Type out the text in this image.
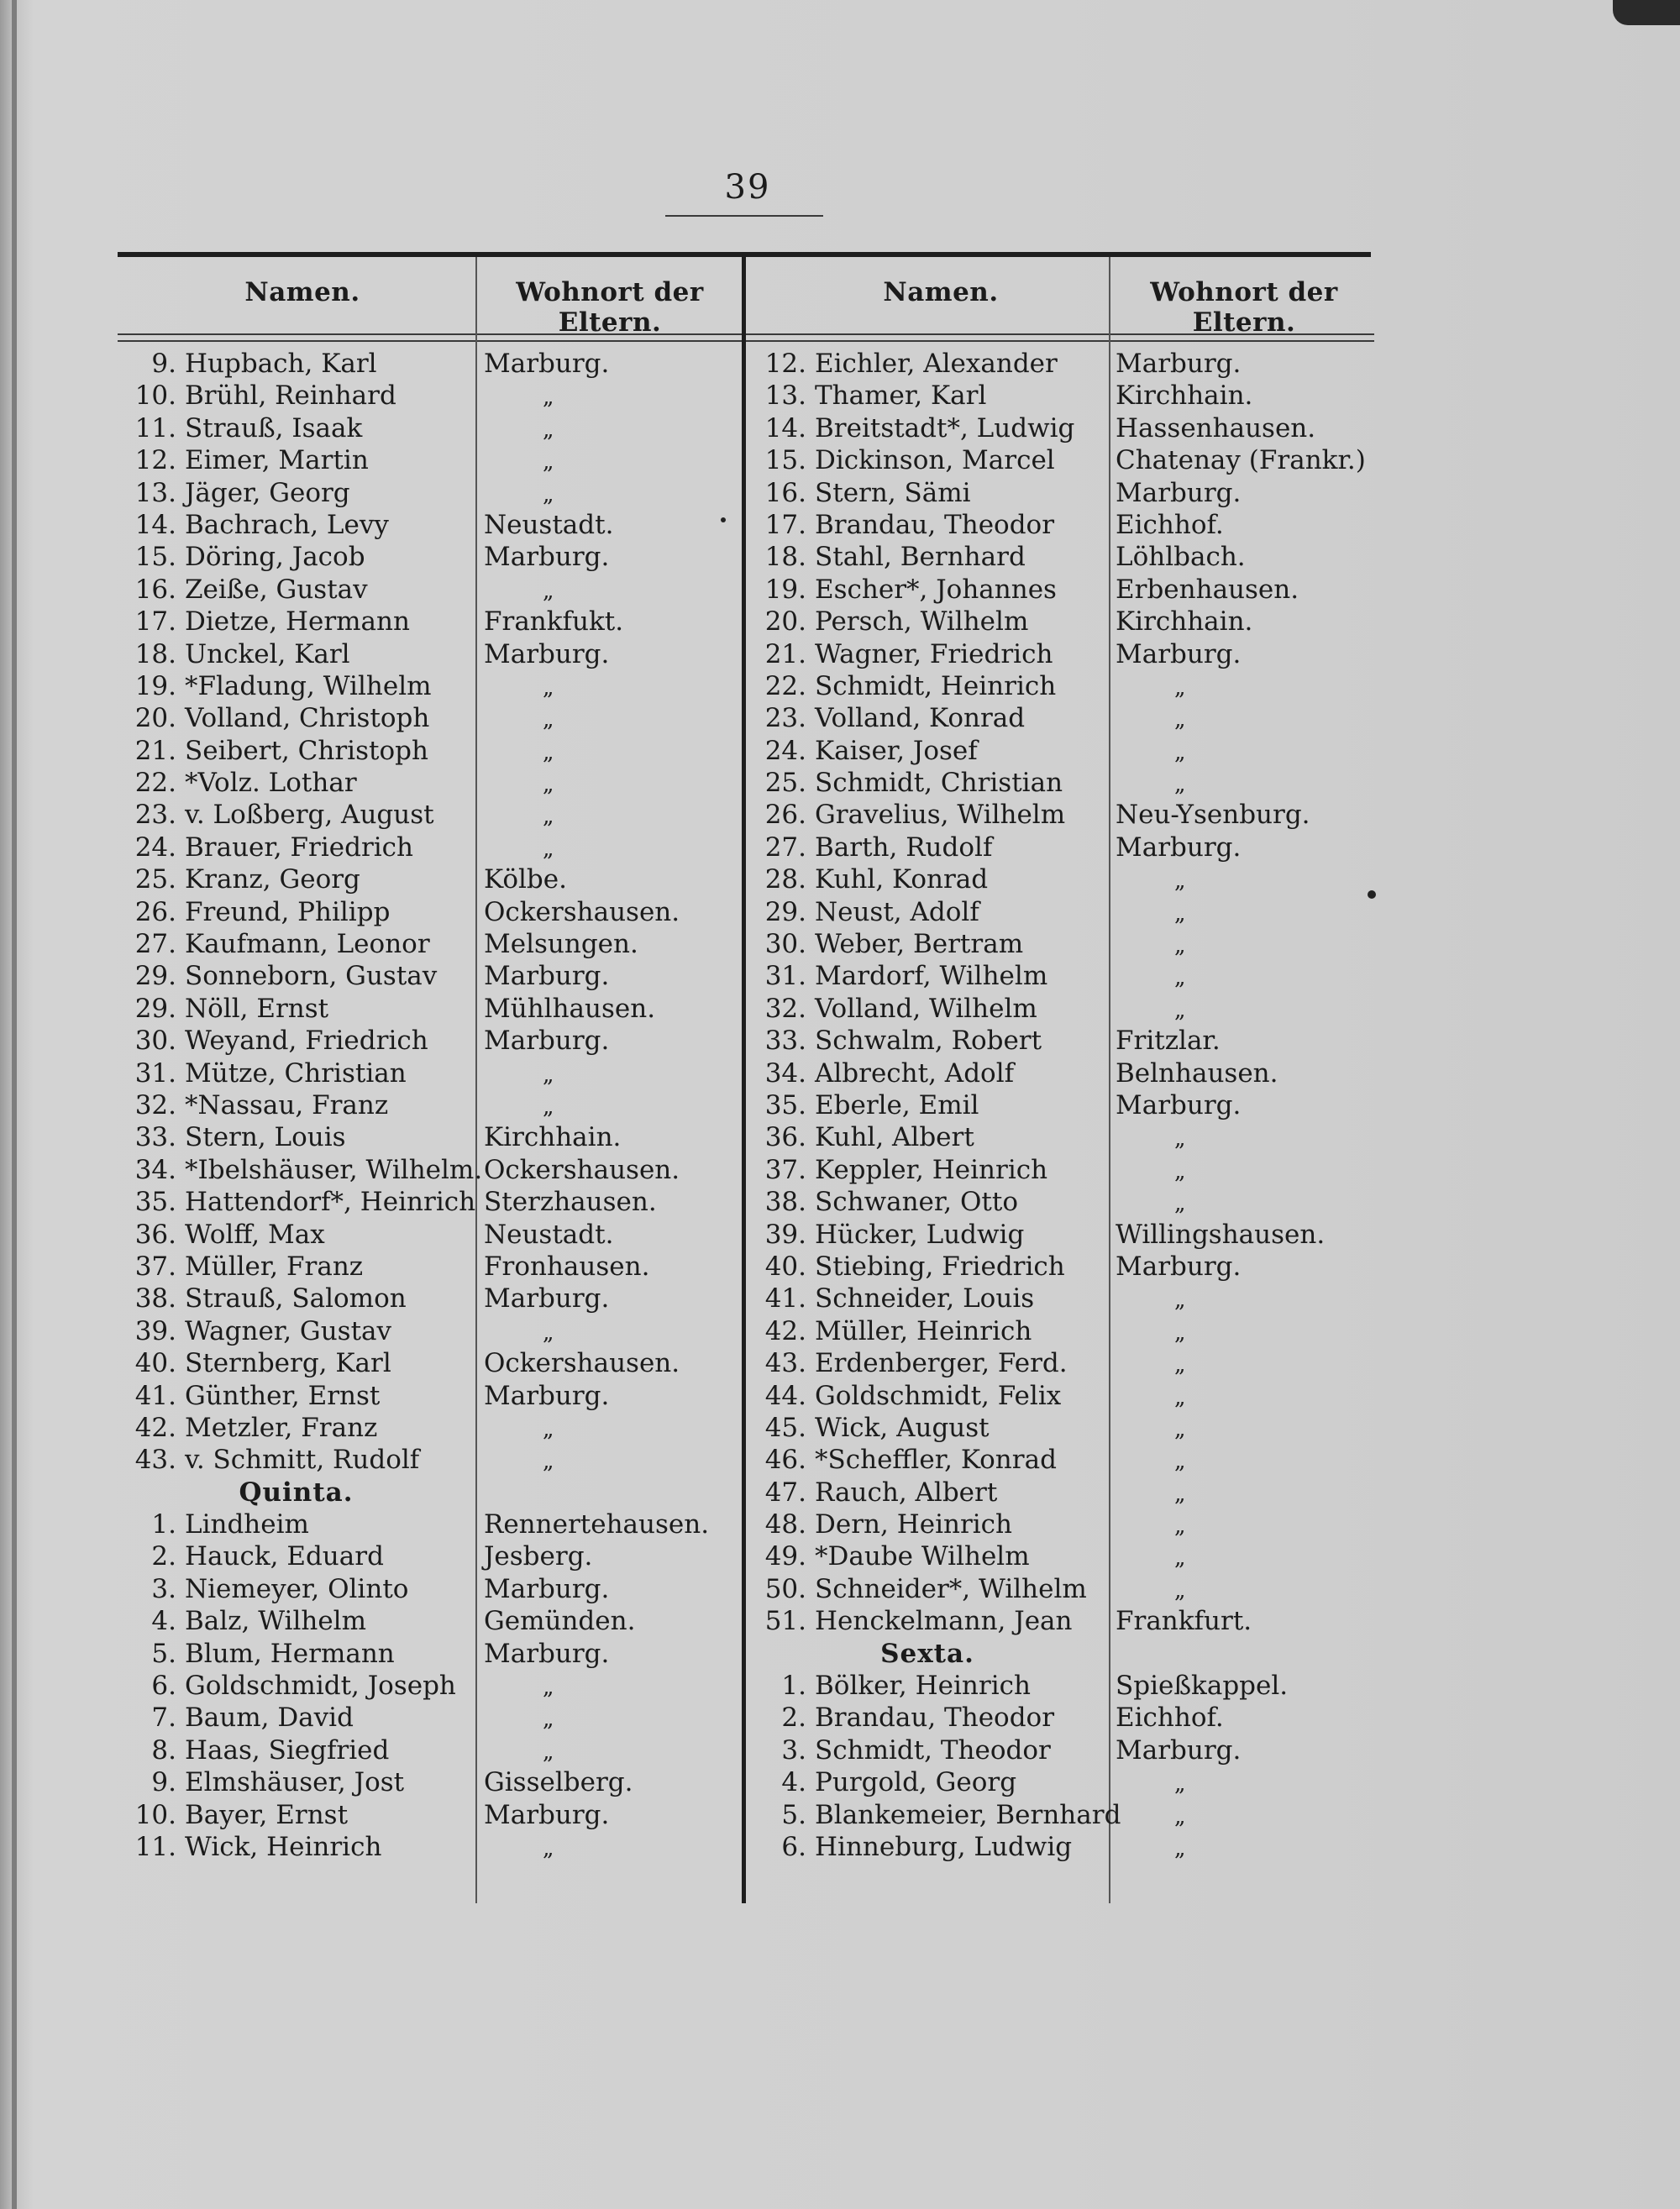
39
Namen.	Wohnort der Eltern.
Namen.	Wohnort der Eltern.
9. Hupbach, Karl
10. Brühl, Reinhard
11. Strauß, Isaak
12. Eimer, Martin
13. Jäger, Georg
14. Bachrach, Levy
15. Döring, Jacob
16. Zeiße, Gustav
17. Dietze, Hermann
18. Unckel, Karl
19. *Fladung, Wilhelm
20. Volland, Christoph
21. Seibert, Christoph
22. *Volz. Lothar
23. v. Loßberg, August
24. Brauer, Friedrich
25. Kranz, Georg
26. Freund, Philipp
27. Kaufmann, Leonor
29. Sonneborn, Gustav
29. Nöll, Ernst
30. Weyand, Friedrich
31. Mütze, Christian
32. *Nassau, Franz
33. Stern, Louis
34. *Ibelshäuser, Wilhelm.
35. Hattendorf*, Heinrich
36. Wolff, Max
37. Müller, Franz
38. Strauß, Salomon
39. Wagner, Gustav
40. Sternberg, Karl
41. Günther, Ernst
42. Metzler, Franz
43. v. Schmitt, Rudolf
Quinta.
1. Lindheim
2. Hauck, Eduard
3. Niemeyer, Olinto
4. Balz, Wilhelm
5. Blum, Hermann
6. Goldschmidt, Joseph
7. Baum, David
8. Haas, Siegfried
9. Elmshäuser, Jost
10. Bayer, Ernst
11. Wick, Heinrich
Marburg.
„
„
„
„
Neustadt.
Marburg.
„
Frankfukt.
Marburg.
„
„
„
„
„
„
Kölbe.
Ockershausen.
Melsungen.
Marburg.
Mühlhausen.
Marburg.
„
„
Kirchhain.
Ockershausen.
Sterzhausen.
Neustadt.
Fronhausen.
Marburg.
„
Ockershausen.
Marburg.
„
„
Rennertehausen.
Jesberg.
Marburg.
Gemünden.
Marburg.
„
„
„
Gisselberg.
Marburg.
„
12. Eichler, Alexander
13. Thamer, Karl
14. Breitstadt*, Ludwig
15. Dickinson, Marcel
16. Stern, Sämi
17. Brandau, Theodor
18. Stahl, Bernhard
19. Escher*, Johannes
20. Persch, Wilhelm
21. Wagner, Friedrich
22. Schmidt, Heinrich
23. Volland, Konrad
24. Kaiser, Josef
25. Schmidt, Christian
26. Gravelius, Wilhelm
27. Barth, Rudolf
28. Kuhl, Konrad
29. Neust, Adolf
30. Weber, Bertram
31. Mardorf, Wilhelm
32. Volland, Wilhelm
33. Schwalm, Robert
34. Albrecht, Adolf
35. Eberle, Emil
36. Kuhl, Albert
37. Keppler, Heinrich
38. Schwaner, Otto
39. Hücker, Ludwig
40. Stiebing, Friedrich
41. Schneider, Louis
42. Müller, Heinrich
43. Erdenberger, Ferd.
44. Goldschmidt, Felix
45. Wick, August
46. *Scheffler, Konrad
47. Rauch, Albert
48. Dern, Heinrich
49. *Daube Wilhelm
50. Schneider*, Wilhelm
51. Henckelmann, Jean
Sexta.
1. Bölker, Heinrich
2. Brandau, Theodor
3. Schmidt, Theodor
4. Purgold, Georg
5. Blankemeier, Bernhard
6. Hinneburg, Ludwig
Marburg.
Kirchhain.
Hassenhausen.
Chatenay (Frankr.)
Marburg.
Eichhof.
Löhlbach.
Erbenhausen.
Kirchhain.
Marburg.
„
„
„
„
Neu-Ysenburg.
Marburg.
„
„
„
„
„
Fritzlar.
Belnhausen.
Marburg.
„
„
„
Willingshausen.
Marburg.
„
„
„
„
„
„
„
„
„
„
Frankfurt.
Spießkappel.
Eichhof.
Marburg.
„
„
„
